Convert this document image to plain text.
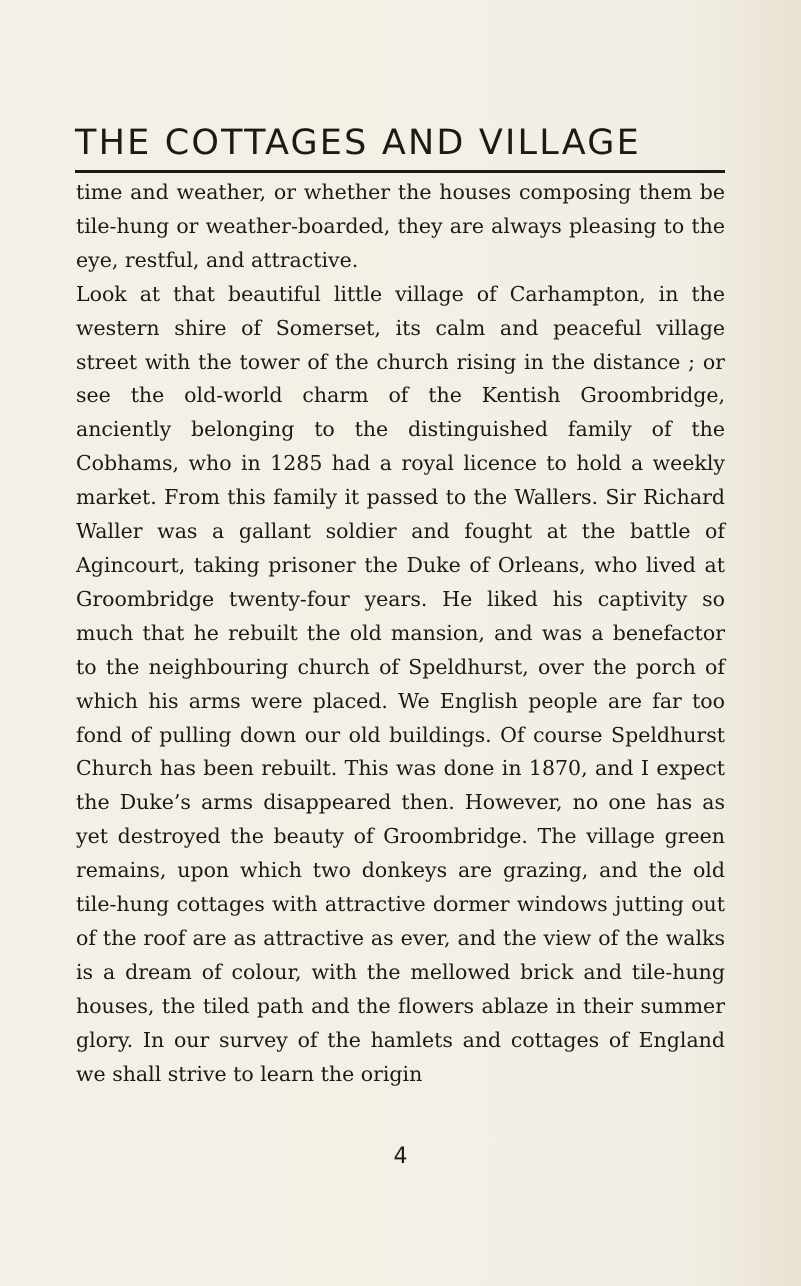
THE COTTAGES AND VILLAGE

time and weather, or whether the houses composing them be tile-hung or weather-boarded, they are always pleasing to the eye, restful, and attractive.

Look at that beautiful little village of Carhampton, in the western shire of Somerset, its calm and peaceful village street with the tower of the church rising in the distance ; or see the old-world charm of the Kentish Groombridge, anciently belonging to the distinguished family of the Cobhams, who in 1285 had a royal licence to hold a weekly market. From this family it passed to the Wallers. Sir Richard Waller was a gallant soldier and fought at the battle of Agincourt, taking prisoner the Duke of Orleans, who lived at Groombridge twenty-four years. He liked his captivity so much that he rebuilt the old mansion, and was a benefactor to the neighbouring church of Speldhurst, over the porch of which his arms were placed. We English people are far too fond of pulling down our old buildings. Of course Speldhurst Church has been rebuilt. This was done in 1870, and I expect the Duke’s arms disappeared then. However, no one has as yet destroyed the beauty of Groombridge. The village green remains, upon which two donkeys are grazing, and the old tile-hung cottages with attractive dormer windows jutting out of the roof are as attractive as ever, and the view of the walks is a dream of colour, with the mellowed brick and tile-hung houses, the tiled path and the flowers ablaze in their summer glory. In our survey of the hamlets and cottages of England we shall strive to learn the origin

4
